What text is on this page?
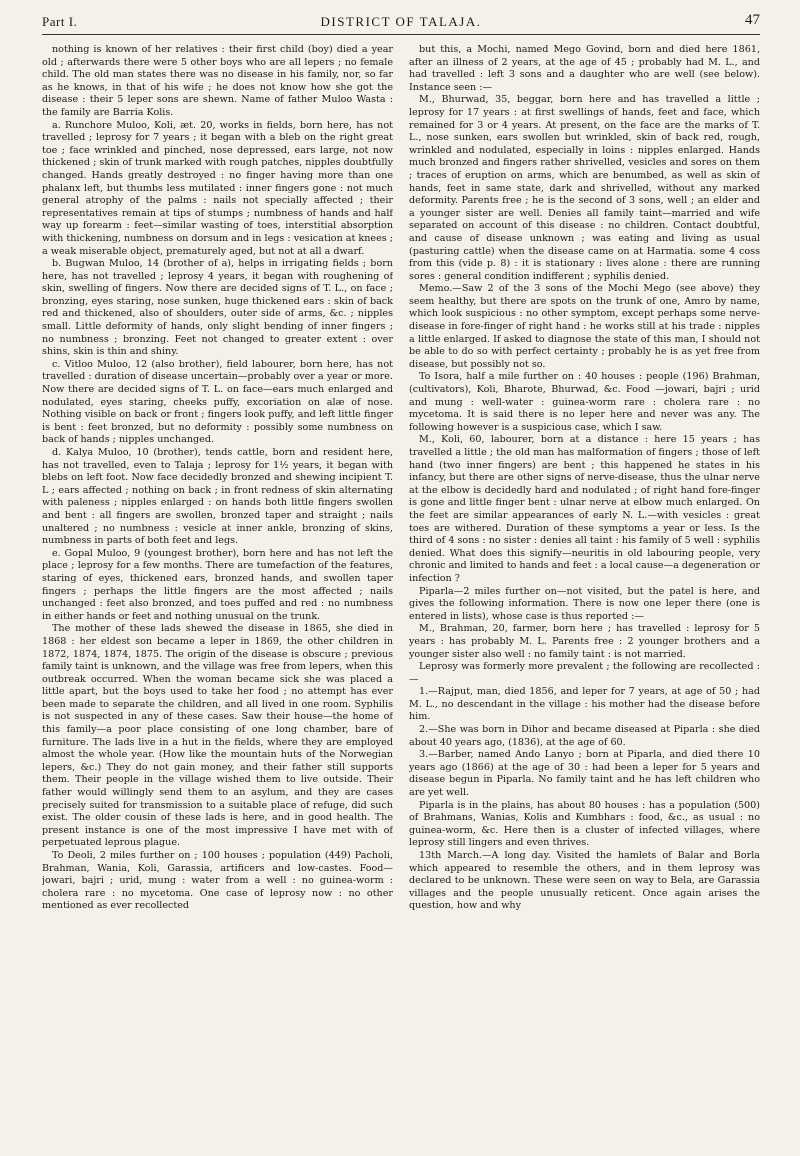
Part I.	DISTRICT OF TALAJA.	47

nothing is known of her relatives : their first child (boy) died a year old ; afterwards there were 5 other boys who are all lepers ; no female child. The old man states there was no disease in his family, nor, so far as he knows, in that of his wife ; he does not know how she got the disease : their 5 leper sons are shewn. Name of father Muloo Wasta : the family are Barria Kolis.

a. Runchore Muloo, Koli, æt. 20, works in fields, born here, has not travelled ; leprosy for 7 years ; it began with a bleb on the right great toe ; face wrinkled and pinched, nose depressed, ears large, not now thickened ; skin of trunk marked with rough patches, nipples doubtfully changed. Hands greatly destroyed : no finger having more than one phalanx left, but thumbs less mutilated : inner fingers gone : not much general atrophy of the palms : nails not specially affected ; their representatives remain at tips of stumps ; numbness of hands and half way up forearm : feet—similar wasting of toes, interstitial absorption with thickening, numbness on dorsum and in legs : vesication at knees ; a weak miserable object, prematurely aged, but not at all a dwarf.

b. Bugwan Muloo, 14 (brother of a), helps in irrigating fields ; born here, has not travelled ; leprosy 4 years, it began with roughening of skin, swelling of fingers. Now there are decided signs of T. L., on face ; bronzing, eyes staring, nose sunken, huge thickened ears : skin of back red and thickened, also of shoulders, outer side of arms, &c. ; nipples small. Little deformity of hands, only slight bending of inner fingers ; no numbness ; bronzing. Feet not changed to greater extent : over shins, skin is thin and shiny.

c. Vitloo Muloo, 12 (also brother), field labourer, born here, has not travelled : duration of disease uncertain—probably over a year or more. Now there are decided signs of T. L. on face—ears much enlarged and nodulated, eyes staring, cheeks puffy, excoriation on alæ of nose. Nothing visible on back or front ; fingers look puffy, and left little finger is bent : feet bronzed, but no deformity : possibly some numbness on back of hands ; nipples unchanged.

d. Kalya Muloo, 10 (brother), tends cattle, born and resident here, has not travelled, even to Talaja ; leprosy for 1½ years, it began with blebs on left foot. Now face decidedly bronzed and shewing incipient T. L ; ears affected ; nothing on back ; in front redness of skin alternating with paleness ; nipples enlarged : on hands both little fingers swollen and bent : all fingers are swollen, bronzed taper and straight ; nails unaltered ; no numbness : vesicle at inner ankle, bronzing of skins, numbness in parts of both feet and legs.

e. Gopal Muloo, 9 (youngest brother), born here and has not left the place ; leprosy for a few months. There are tumefaction of the features, staring of eyes, thickened ears, bronzed hands, and swollen taper fingers ; perhaps the little fingers are the most affected ; nails unchanged : feet also bronzed, and toes puffed and red : no numbness in either hands or feet and nothing unusual on the trunk.

The mother of these lads shewed the disease in 1865, she died in 1868 : her eldest son became a leper in 1869, the other children in 1872, 1874, 1874, 1875. The origin of the disease is obscure ; previous family taint is unknown, and the village was free from lepers, when this outbreak occurred. When the woman became sick she was placed a little apart, but the boys used to take her food ; no attempt has ever been made to separate the children, and all lived in one room. Syphilis is not suspected in any of these cases. Saw their house—the home of this family—a poor place consisting of one long chamber, bare of furniture. The lads live in a hut in the fields, where they are employed almost the whole year. (How like the mountain huts of the Norwegian lepers, &c.) They do not gain money, and their father still supports them. Their people in the village wished them to live outside. Their father would willingly send them to an asylum, and they are cases precisely suited for transmission to a suitable place of refuge, did such exist. The older cousin of these lads is here, and in good health. The present instance is one of the most impressive I have met with of perpetuated leprous plague.

To Deoli, 2 miles further on ; 100 houses ; population (449) Pacholi, Brahman, Wania, Koli, Garassia, artificers and low-castes. Food—jowari, bajri ; urid, mung : water from a well : no guinea-worm : cholera rare : no mycetoma. One case of leprosy now : no other mentioned as ever recollected

but this, a Mochi, named Mego Govind, born and died here 1861, after an illness of 2 years, at the age of 45 ; probably had M. L., and had travelled : left 3 sons and a daughter who are well (see below). Instance seen :—

M., Bhurwad, 35, beggar, born here and has travelled a little ; leprosy for 17 years : at first swellings of hands, feet and face, which remained for 3 or 4 years. At present, on the face are the marks of T. L., nose sunken, ears swollen but wrinkled, skin of back red, rough, wrinkled and nodulated, especially in loins : nipples enlarged. Hands much bronzed and fingers rather shrivelled, vesicles and sores on them ; traces of eruption on arms, which are benumbed, as well as skin of hands, feet in same state, dark and shrivelled, without any marked deformity. Parents free ; he is the second of 3 sons, well ; an elder and a younger sister are well. Denies all family taint—married and wife separated on account of this disease : no children. Contact doubtful, and cause of disease unknown ; was eating and living as usual (pasturing cattle) when the disease came on at Harmatia. some 4 coss from this (vide p. 8) : it is stationary : lives alone : there are running sores : general condition indifferent ; syphilis denied.

Memo.—Saw 2 of the 3 sons of the Mochi Mego (see above) they seem healthy, but there are spots on the trunk of one, Amro by name, which look suspicious : no other symptom, except perhaps some nerve-disease in fore-finger of right hand : he works still at his trade : nipples a little enlarged. If asked to diagnose the state of this man, I should not be able to do so with perfect certainty ; probably he is as yet free from disease, but possibly not so.

To Isora, half a mile further on : 40 houses : people (196) Brahman, (cultivators), Koli, Bharote, Bhurwad, &c. Food —jowari, bajri ; urid and mung : well-water : guinea-worm rare : cholera rare : no mycetoma. It is said there is no leper here and never was any. The following however is a suspicious case, which I saw.

M., Koli, 60, labourer, born at a distance : here 15 years ; has travelled a little ; the old man has malformation of fingers ; those of left hand (two inner fingers) are bent ; this happened he states in his infancy, but there are other signs of nerve-disease, thus the ulnar nerve at the elbow is decidedly hard and nodulated ; of right hand fore-finger is gone and little finger bent : ulnar nerve at elbow much enlarged. On the feet are similar appearances of early N. L.—with vesicles : great toes are withered. Duration of these symptoms a year or less. Is the third of 4 sons : no sister : denies all taint : his family of 5 well : syphilis denied. What does this signify—neuritis in old labouring people, very chronic and limited to hands and feet : a local cause—a degeneration or infection ?

Piparla—2 miles further on—not visited, but the patel is here, and gives the following information. There is now one leper there (one is entered in lists), whose case is thus reported :—

M., Brahman, 20, farmer, born here ; has travelled : leprosy for 5 years : has probably M. L. Parents free : 2 younger brothers and a younger sister also well : no family taint : is not married.

Leprosy was formerly more prevalent ; the following are recollected :—

1.—Rajput, man, died 1856, and leper for 7 years, at age of 50 ; had M. L., no descendant in the village : his mother had the disease before him.

2.—She was born in Dihor and became diseased at Piparla : she died about 40 years ago, (1836), at the age of 60.

3.—Barber, named Ando Lanyo ; born at Piparla, and died there 10 years ago (1866) at the age of 30 : had been a leper for 5 years and disease begun in Piparla. No family taint and he has left children who are yet well.

Piparla is in the plains, has about 80 houses : has a population (500) of Brahmans, Wanias, Kolis and Kumbhars : food, &c., as usual : no guinea-worm, &c. Here then is a cluster of infected villages, where leprosy still lingers and even thrives.

13th March.—A long day. Visited the hamlets of Balar and Borla which appeared to resemble the others, and in them leprosy was declared to be unknown. These were seen on way to Bela, are Garassia villages and the people unusually reticent. Once again arises the question, how and why
